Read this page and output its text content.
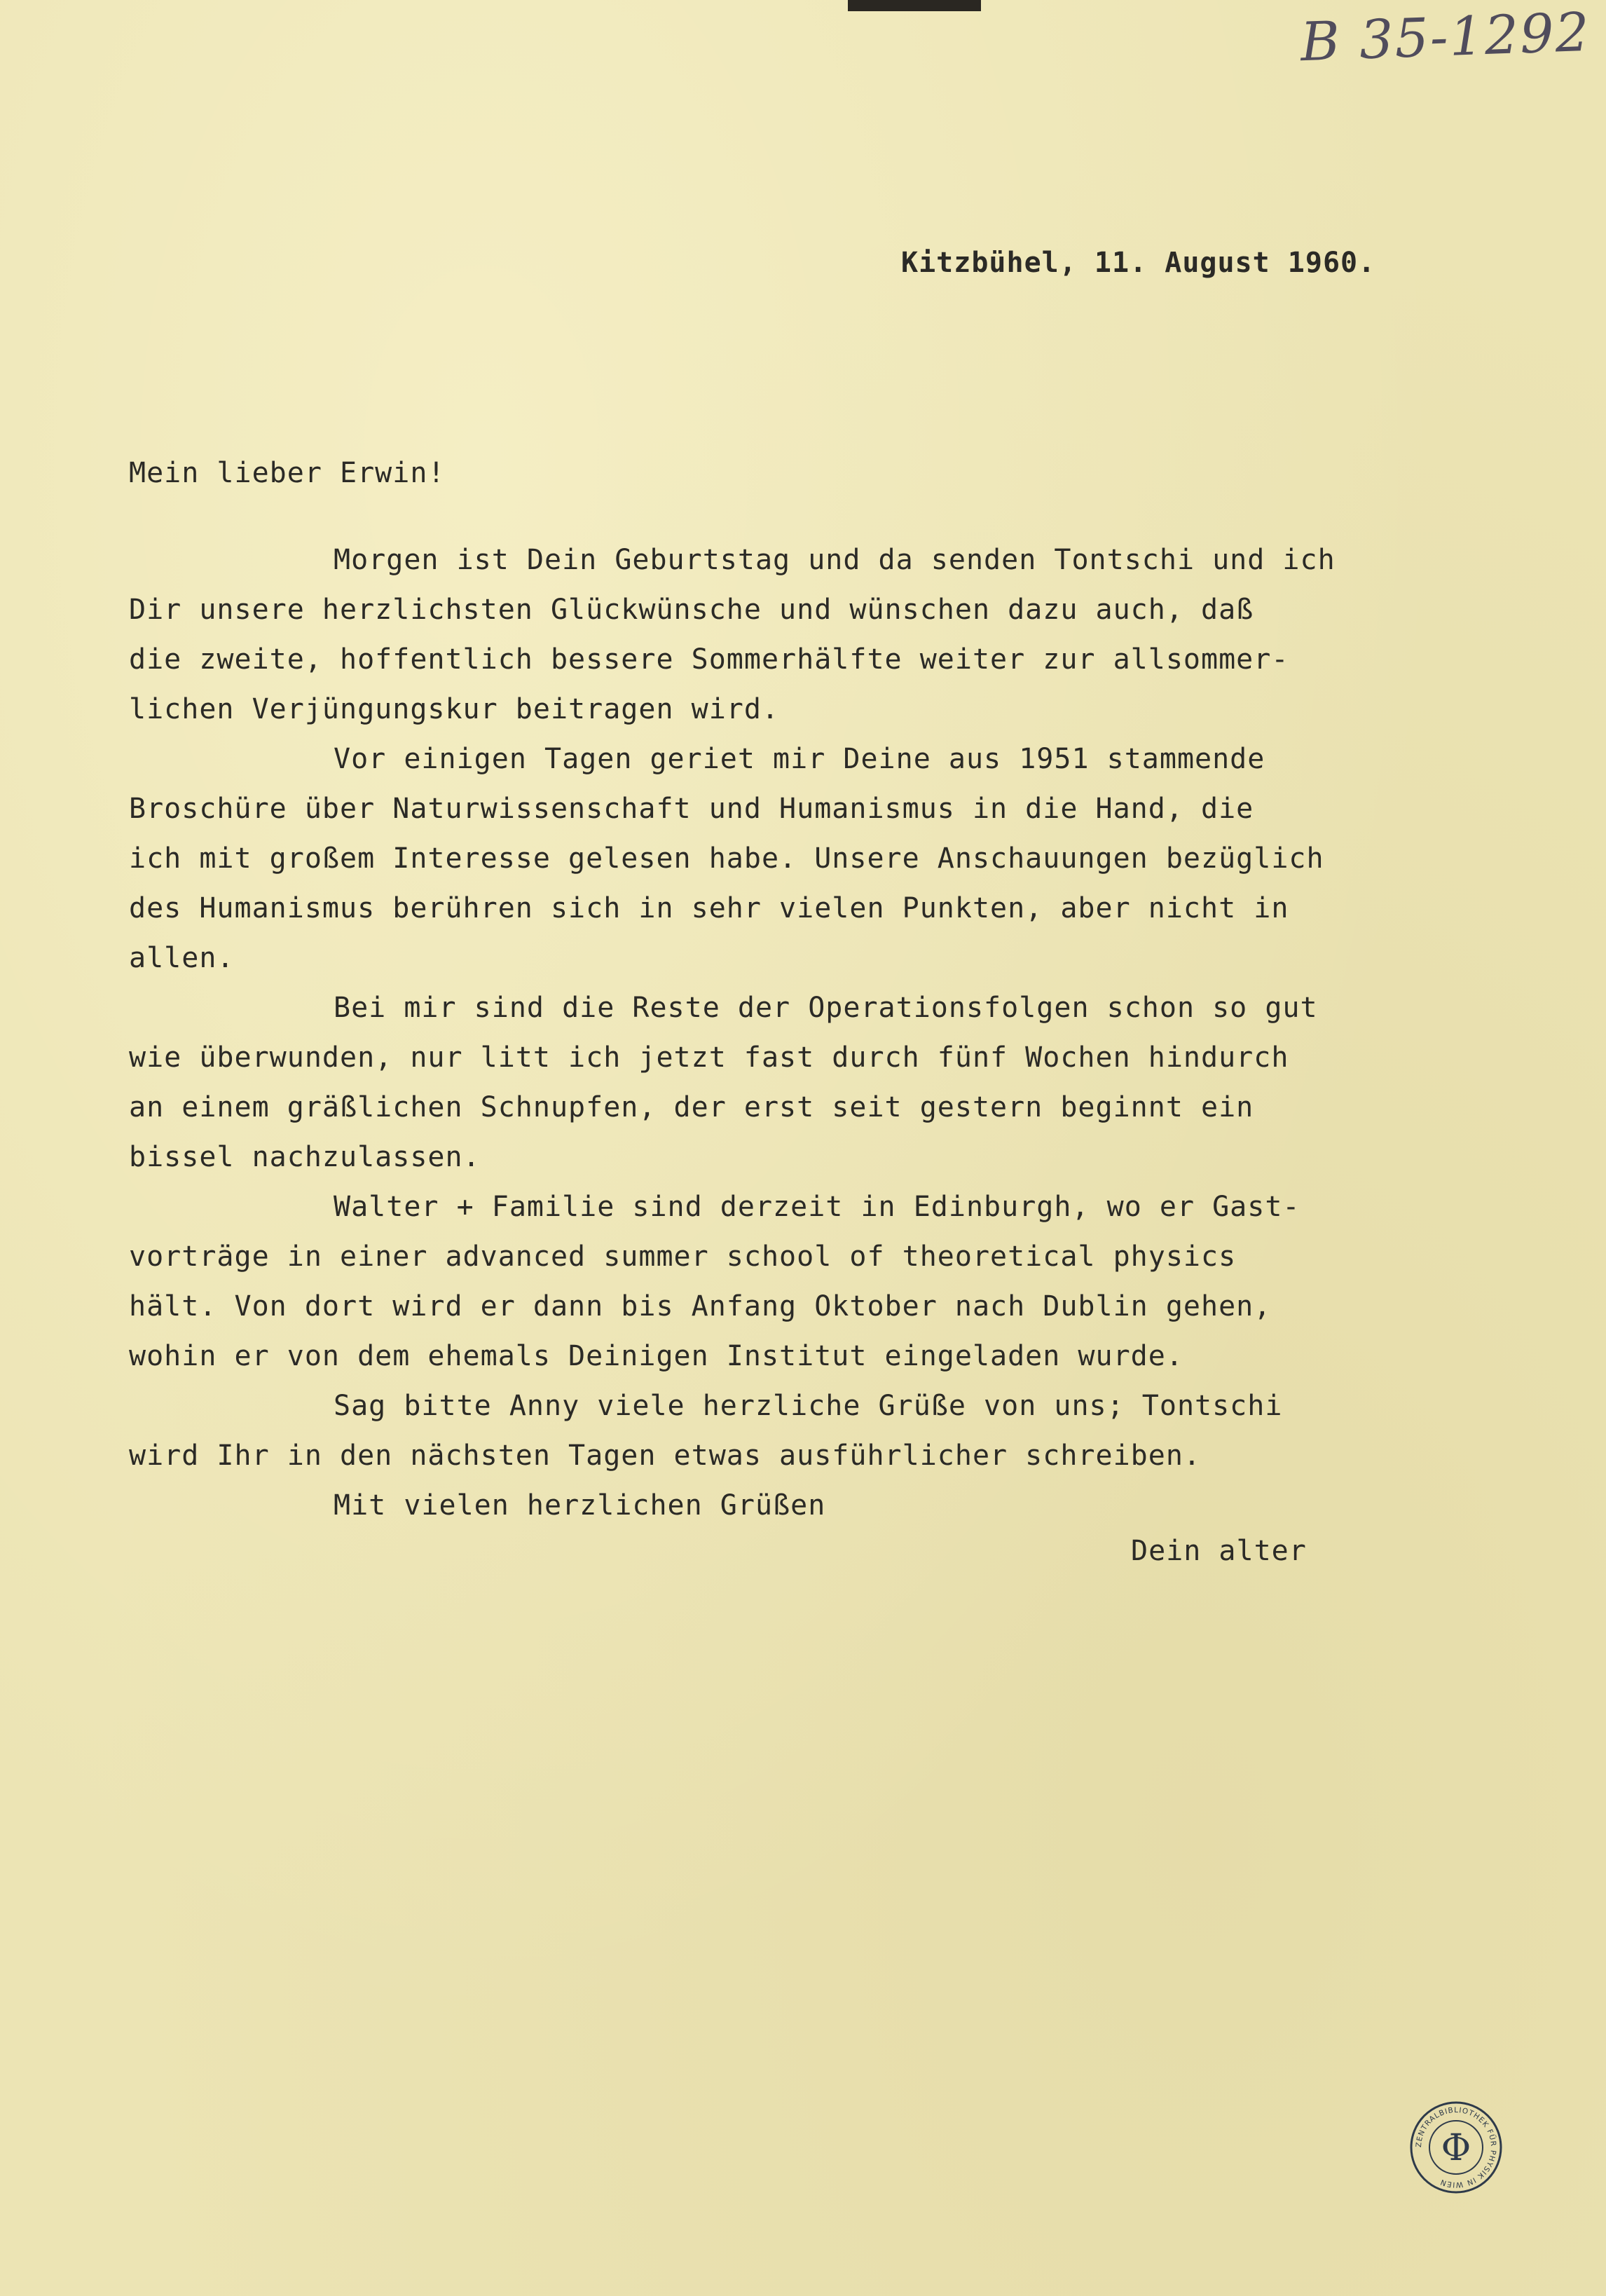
B 35-1292
Kitzbühel, 11. August 1960.
Mein lieber Erwin!
Morgen ist Dein Geburtstag und da senden Tontschi und ich
Dir unsere herzlichsten Glückwünsche und wünschen dazu auch, daß
die zweite, hoffentlich bessere Sommerhälfte weiter zur allsommer-
lichen Verjüngungskur beitragen wird.
Vor einigen Tagen geriet mir Deine aus 1951 stammende
Broschüre über Naturwissenschaft und Humanismus in die Hand, die
ich mit großem Interesse gelesen habe. Unsere Anschauungen bezüglich
des Humanismus berühren sich in sehr vielen Punkten, aber nicht in
allen.
Bei mir sind die Reste der Operationsfolgen schon so gut
wie überwunden, nur litt ich jetzt fast durch fünf Wochen hindurch
an einem gräßlichen Schnupfen, der erst seit gestern beginnt ein
bissel nachzulassen.
Walter + Familie sind derzeit in Edinburgh, wo er Gast-
vorträge in einer advanced summer school of theoretical physics
hält. Von dort wird er dann bis Anfang Oktober nach Dublin gehen,
wohin er von dem ehemals Deinigen Institut eingeladen wurde.
Sag bitte Anny viele herzliche Grüße von uns; Tontschi
wird Ihr in den nächsten Tagen etwas ausführlicher schreiben.
Mit vielen herzlichen Grüßen
Dein alter
ZENTRALBIBLIOTHEK FÜR PHYSIK IN WIEN
Φ
